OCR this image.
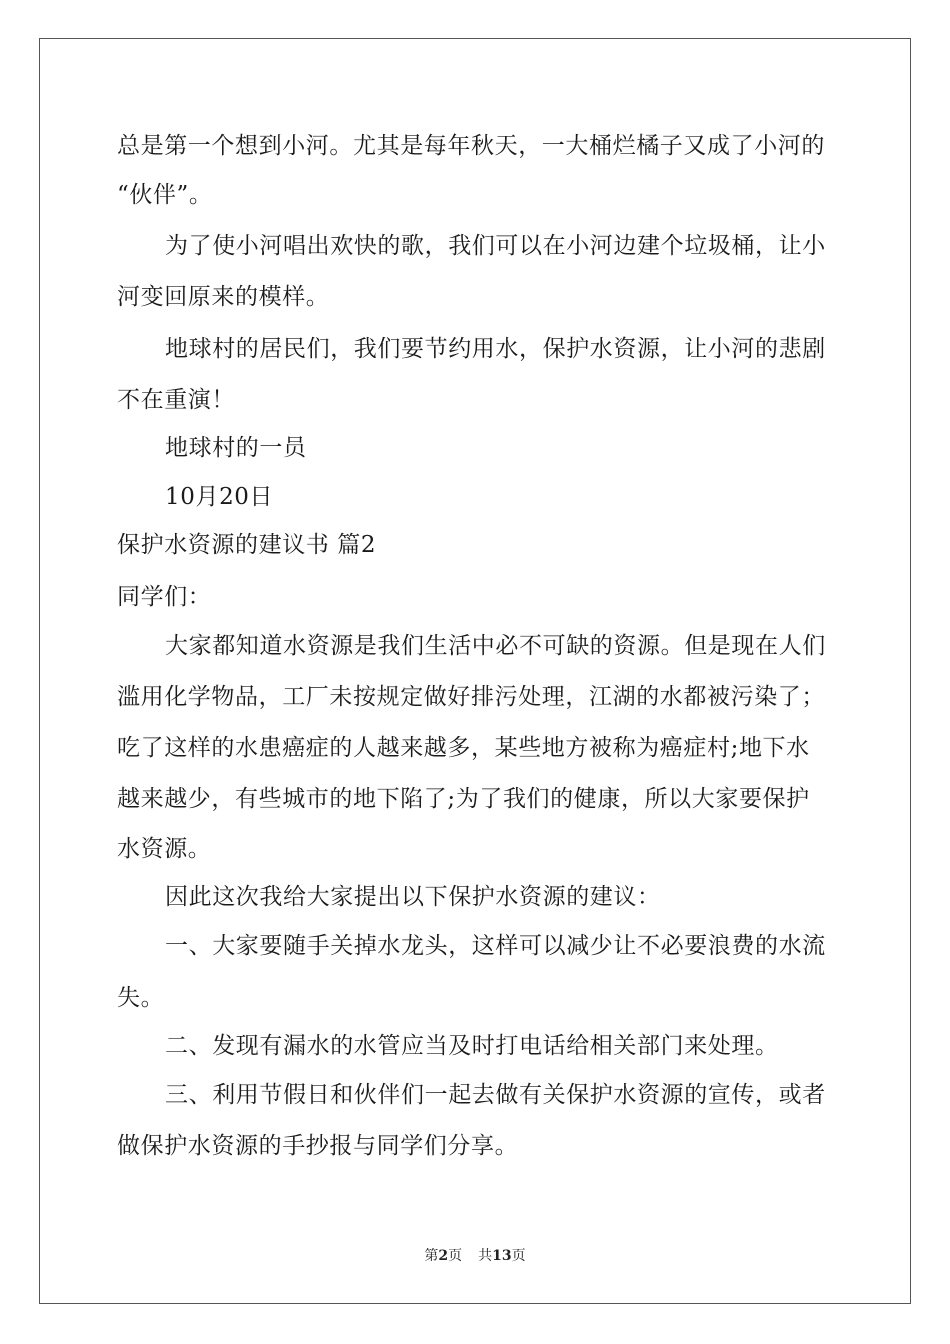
总是第一个想到小河。尤其是每年秋天，一大桶烂橘子又成了小河的
“伙伴”。
为了使小河唱出欢快的歌，我们可以在小河边建个垃圾桶，让小
河变回原来的模样。
地球村的居民们，我们要节约用水，保护水资源，让小河的悲剧
不在重演！
地球村的一员
10月20日
保护水资源的建议书 篇2
同学们：
大家都知道水资源是我们生活中必不可缺的资源。但是现在人们
滥用化学物品，工厂未按规定做好排污处理，江湖的水都被污染了；
吃了这样的水患癌症的人越来越多，某些地方被称为癌症村;地下水
越来越少，有些城市的地下陷了;为了我们的健康，所以大家要保护
水资源。
因此这次我给大家提出以下保护水资源的建议：
一、大家要随手关掉水龙头，这样可以减少让不必要浪费的水流
失。
二、发现有漏水的水管应当及时打电话给相关部门来处理。
三、利用节假日和伙伴们一起去做有关保护水资源的宣传，或者
做保护水资源的手抄报与同学们分享。
第2页 共13页
